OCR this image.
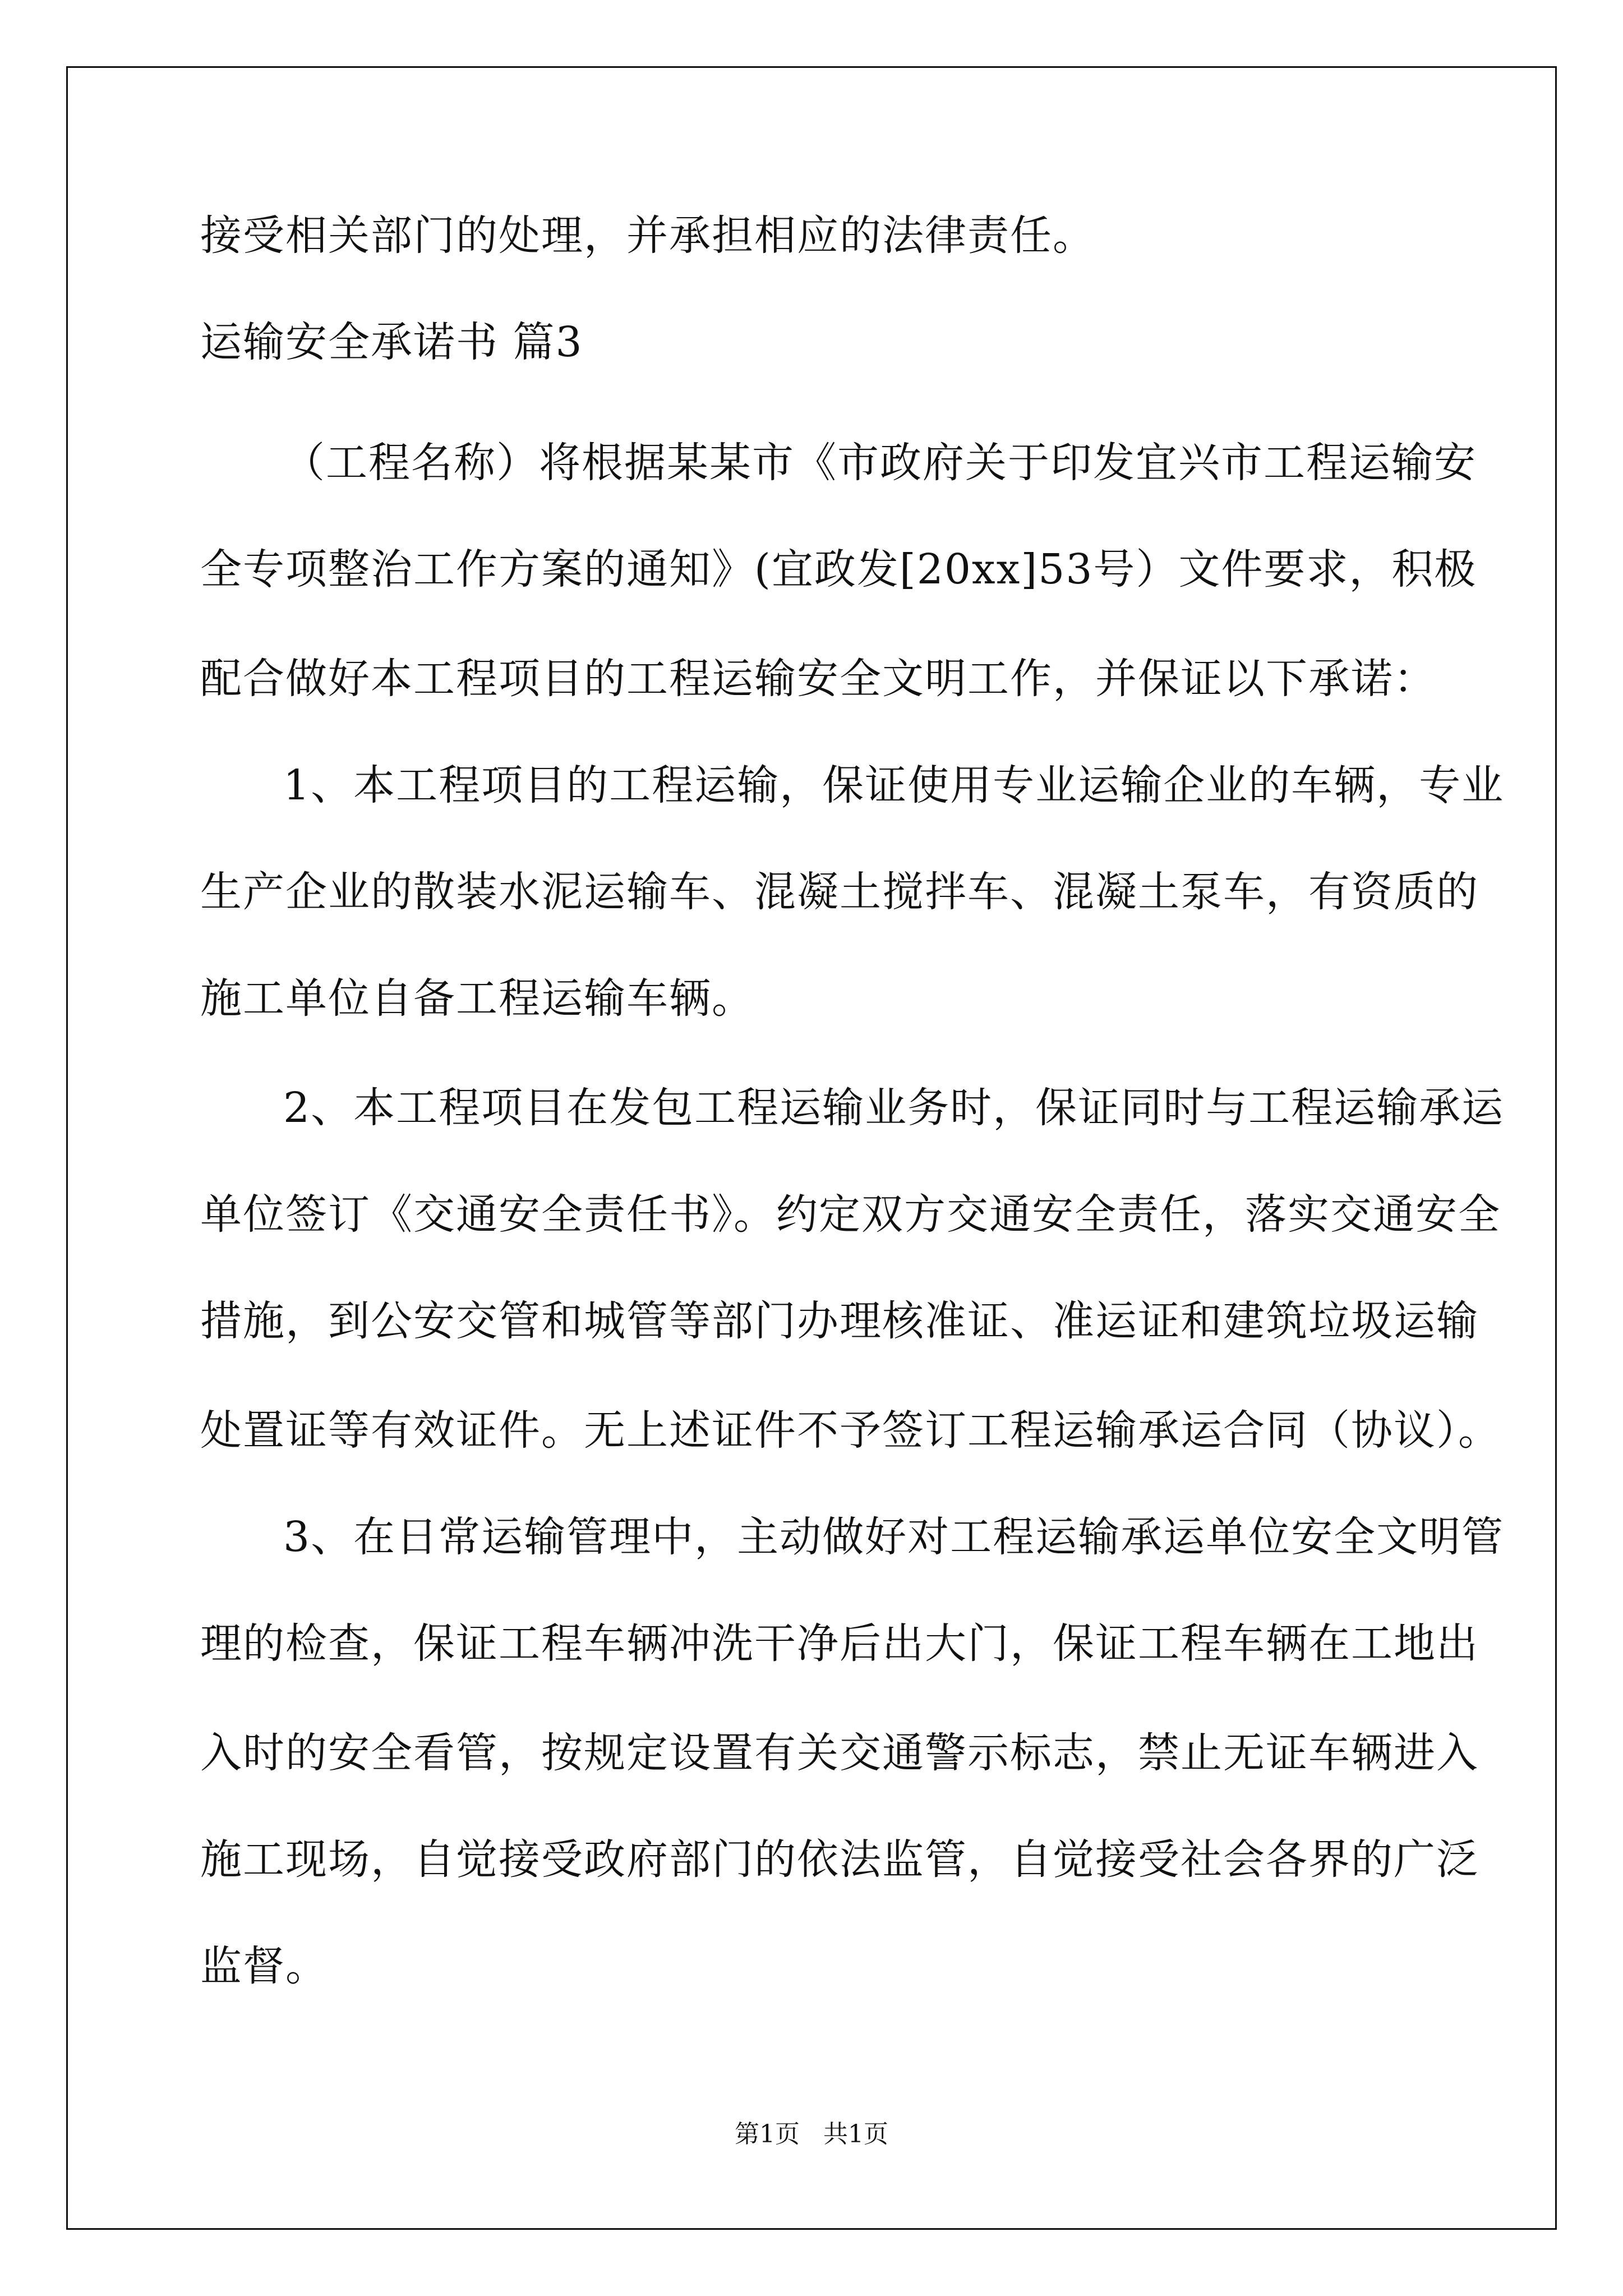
接受相关部门的处理，并承担相应的法律责任。
运输安全承诺书 篇3
（工程名称）将根据某某市《市政府关于印发宜兴市工程运输安
全专项整治工作方案的通知》(宜政发[20xx]53号）文件要求，积极
配合做好本工程项目的工程运输安全文明工作，并保证以下承诺：
1、本工程项目的工程运输，保证使用专业运输企业的车辆，专业
生产企业的散装水泥运输车、混凝土搅拌车、混凝土泵车，有资质的
施工单位自备工程运输车辆。
2、本工程项目在发包工程运输业务时，保证同时与工程运输承运
单位签订《交通安全责任书》。约定双方交通安全责任，落实交通安全
措施，到公安交管和城管等部门办理核准证、准运证和建筑垃圾运输
处置证等有效证件。无上述证件不予签订工程运输承运合同（协议）。
3、在日常运输管理中，主动做好对工程运输承运单位安全文明管
理的检查，保证工程车辆冲洗干净后出大门，保证工程车辆在工地出
入时的安全看管，按规定设置有关交通警示标志，禁止无证车辆进入
施工现场，自觉接受政府部门的依法监管，自觉接受社会各界的广泛
监督。
第1页   共1页
